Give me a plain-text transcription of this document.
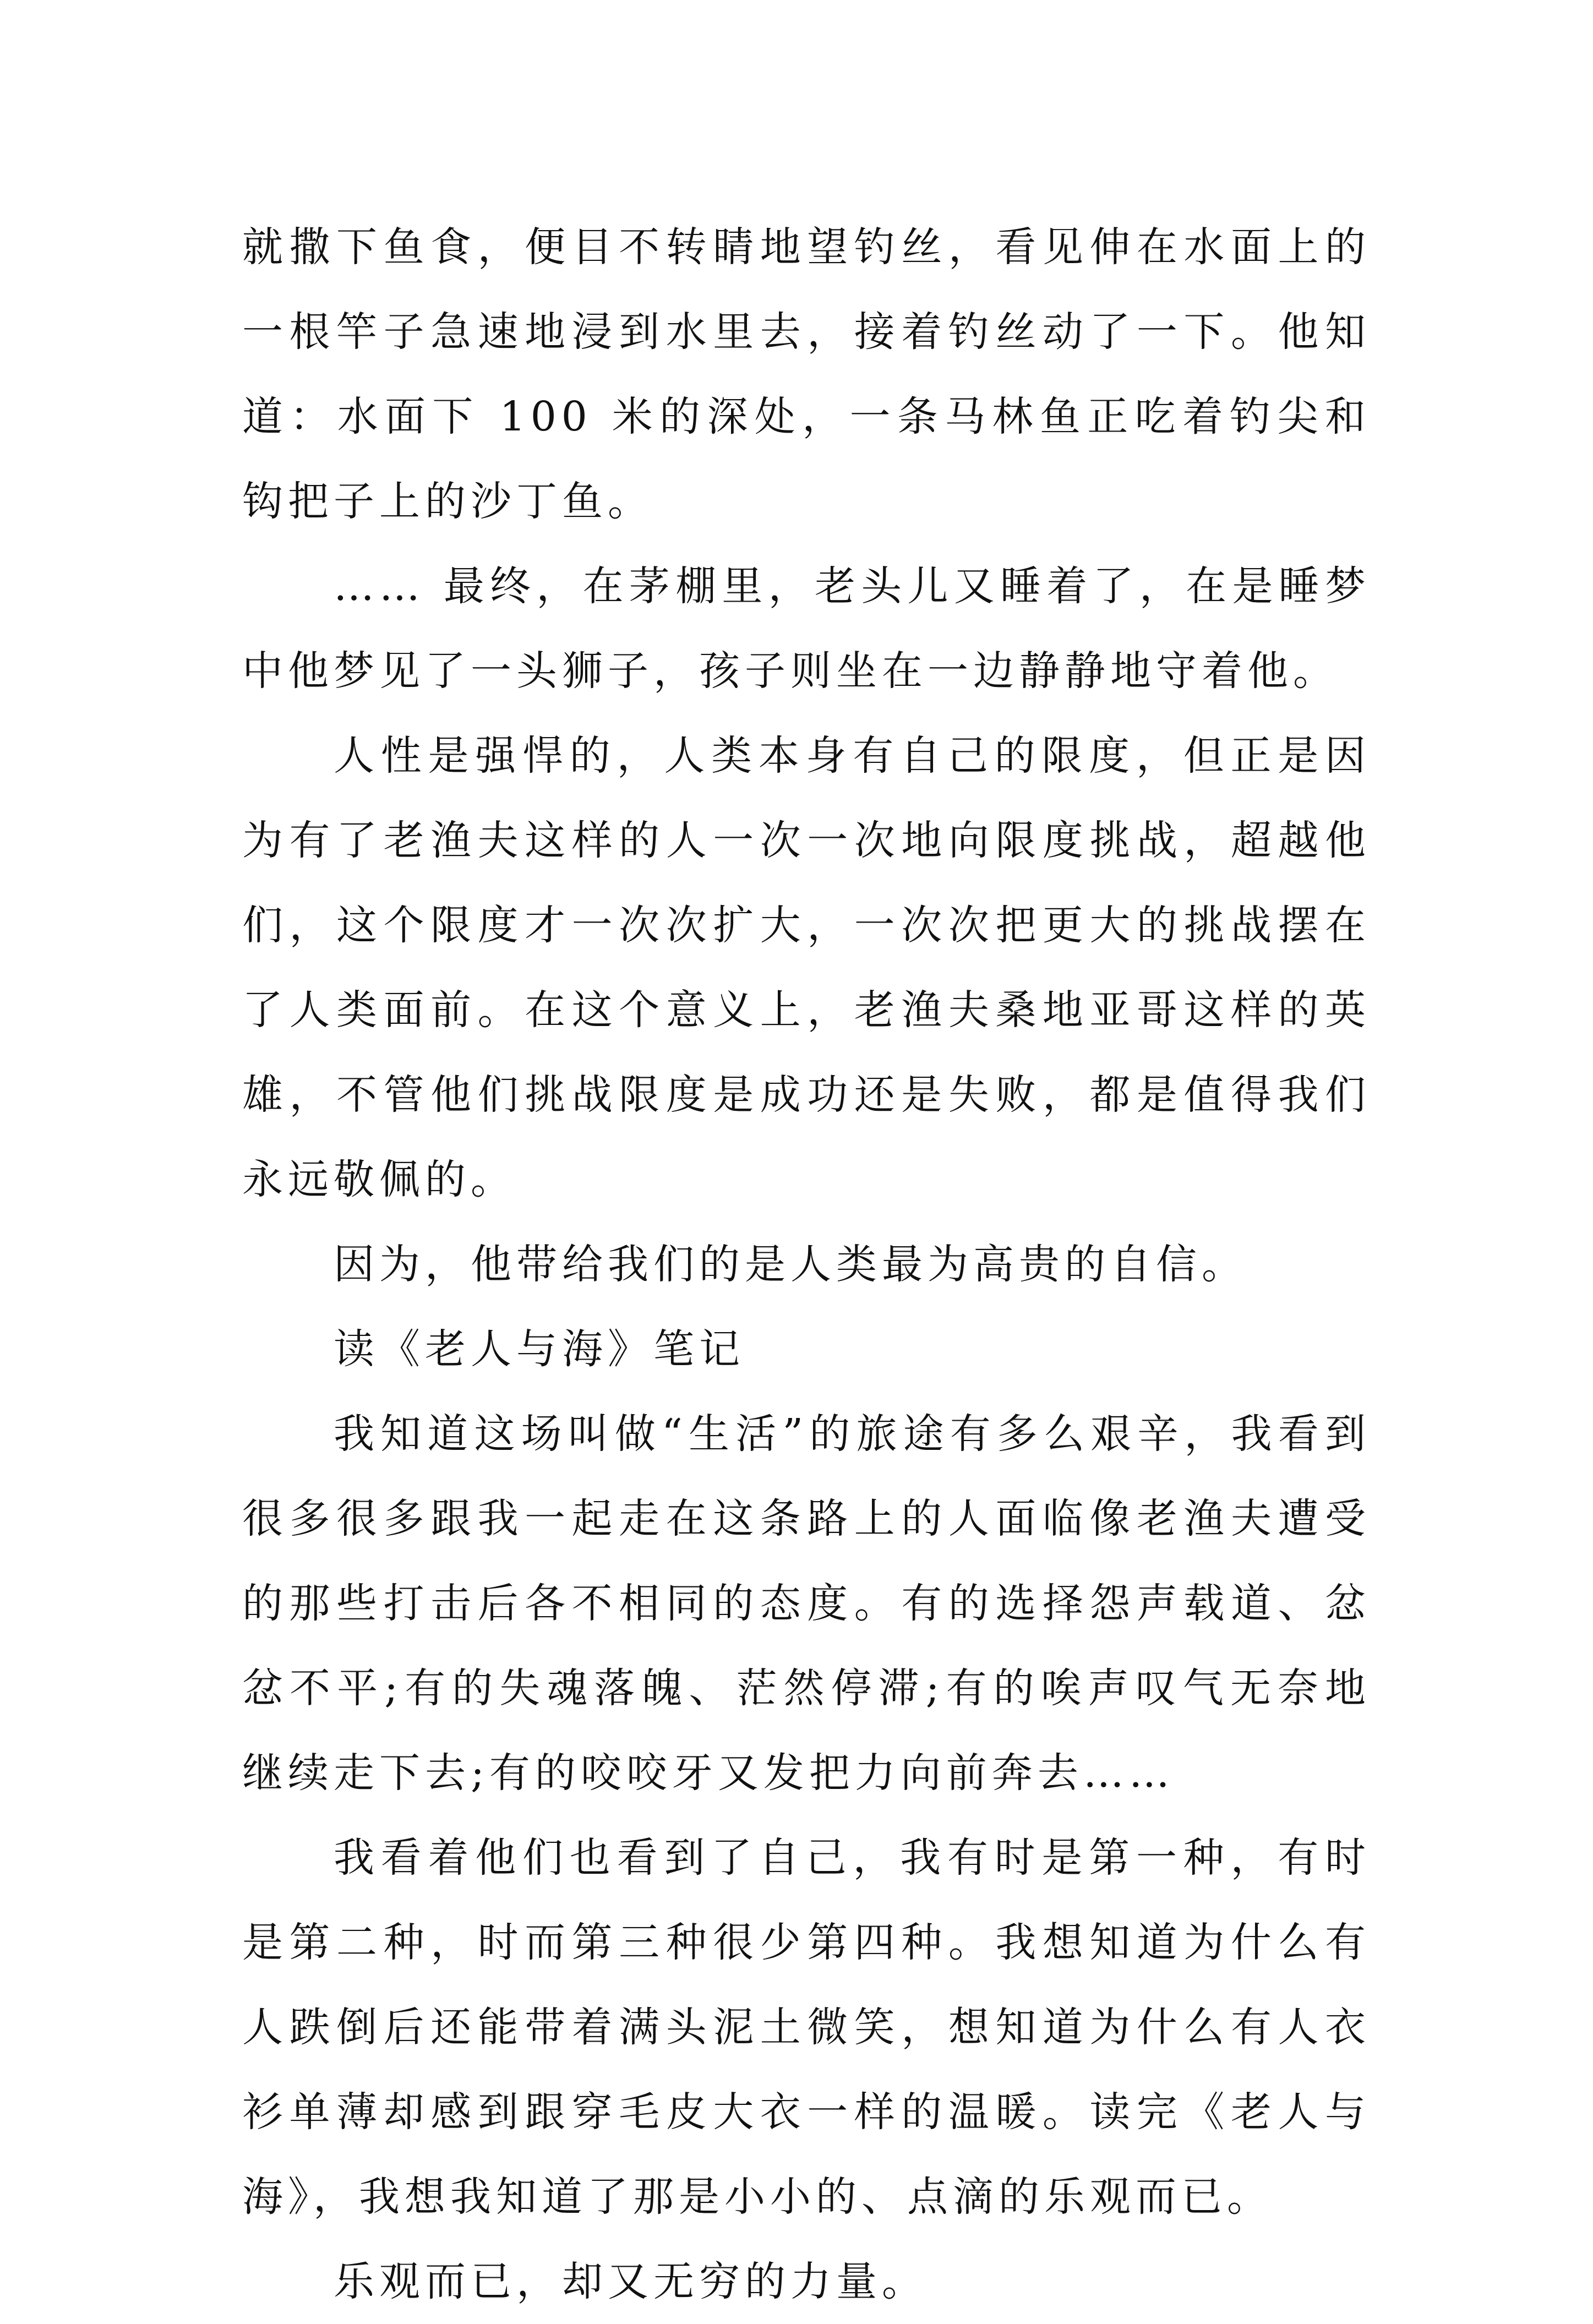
就撒下鱼食，便目不转睛地望钓丝，看见伸在水面上的一根竿子急速地浸到水里去，接着钓丝动了一下。他知道：水面下 100 米的深处，一条马林鱼正吃着钓尖和钩把子上的沙丁鱼。

…… 最终，在茅棚里，老头儿又睡着了，在是睡梦中他梦见了一头狮子，孩子则坐在一边静静地守着他。

人性是强悍的，人类本身有自己的限度，但正是因为有了老渔夫这样的人一次一次地向限度挑战，超越他们，这个限度才一次次扩大，一次次把更大的挑战摆在了人类面前。在这个意义上，老渔夫桑地亚哥这样的英雄，不管他们挑战限度是成功还是失败，都是值得我们永远敬佩的。

因为，他带给我们的是人类最为高贵的自信。

读《老人与海》笔记

我知道这场叫做“生活”的旅途有多么艰辛，我看到很多很多跟我一起走在这条路上的人面临像老渔夫遭受的那些打击后各不相同的态度。有的选择怨声载道、忿忿不平;有的失魂落魄、茫然停滞;有的唉声叹气无奈地继续走下去;有的咬咬牙又发把力向前奔去……

我看着他们也看到了自己，我有时是第一种，有时是第二种，时而第三种很少第四种。我想知道为什么有人跌倒后还能带着满头泥土微笑，想知道为什么有人衣衫单薄却感到跟穿毛皮大衣一样的温暖。读完《老人与海》，我想我知道了那是小小的、点滴的乐观而已。

乐观而已，却又无穷的力量。
